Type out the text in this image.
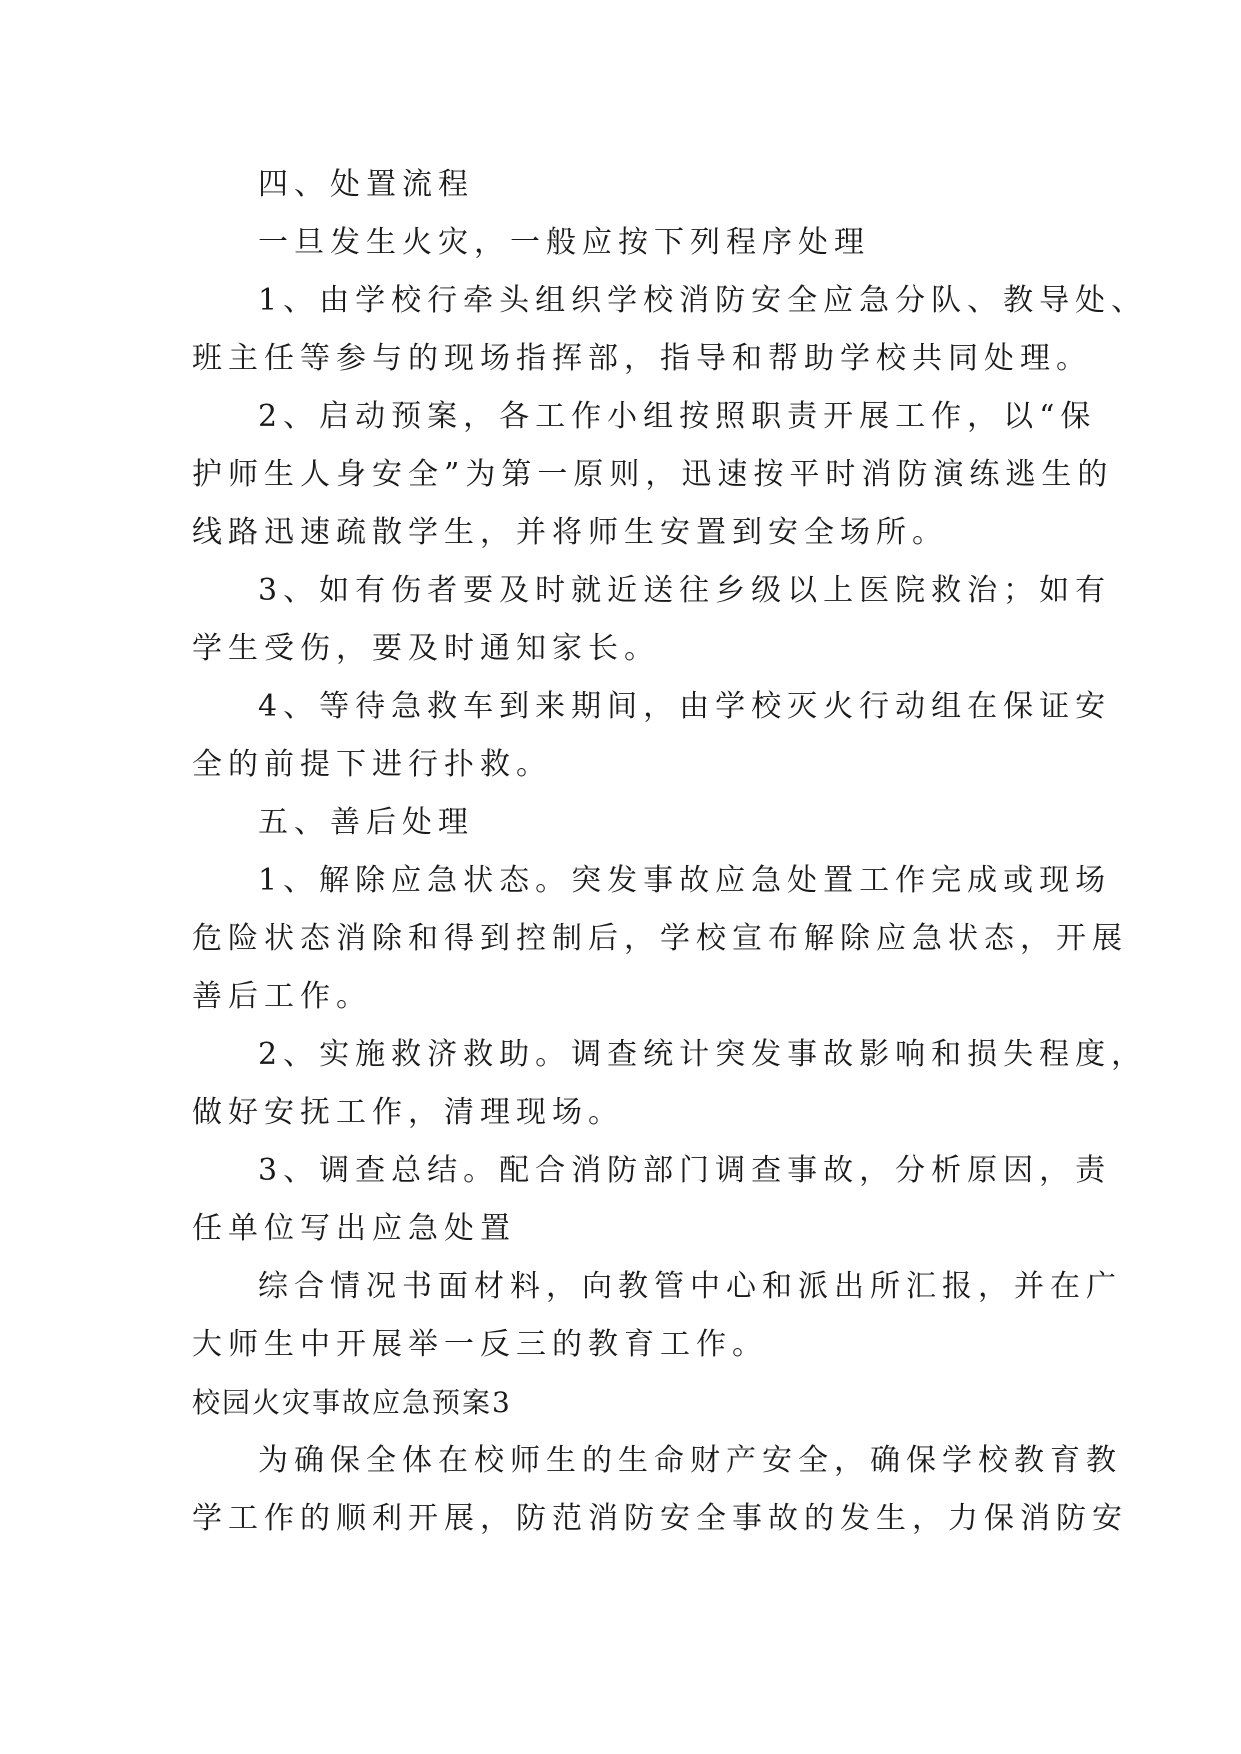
四、处置流程
一旦发生火灾，一般应按下列程序处理
1、由学校行牵头组织学校消防安全应急分队、教导处、
班主任等参与的现场指挥部，指导和帮助学校共同处理。
2、启动预案，各工作小组按照职责开展工作，以“保
护师生人身安全”为第一原则，迅速按平时消防演练逃生的
线路迅速疏散学生，并将师生安置到安全场所。
3、如有伤者要及时就近送往乡级以上医院救治；如有
学生受伤，要及时通知家长。
4、等待急救车到来期间，由学校灭火行动组在保证安
全的前提下进行扑救。
五、善后处理
1、解除应急状态。突发事故应急处置工作完成或现场
危险状态消除和得到控制后，学校宣布解除应急状态，开展
善后工作。
2、实施救济救助。调查统计突发事故影响和损失程度，
做好安抚工作，清理现场。
3、调查总结。配合消防部门调查事故，分析原因，责
任单位写出应急处置
综合情况书面材料，向教管中心和派出所汇报，并在广
大师生中开展举一反三的教育工作。
校园火灾事故应急预案3
为确保全体在校师生的生命财产安全，确保学校教育教
学工作的顺利开展，防范消防安全事故的发生，力保消防安
